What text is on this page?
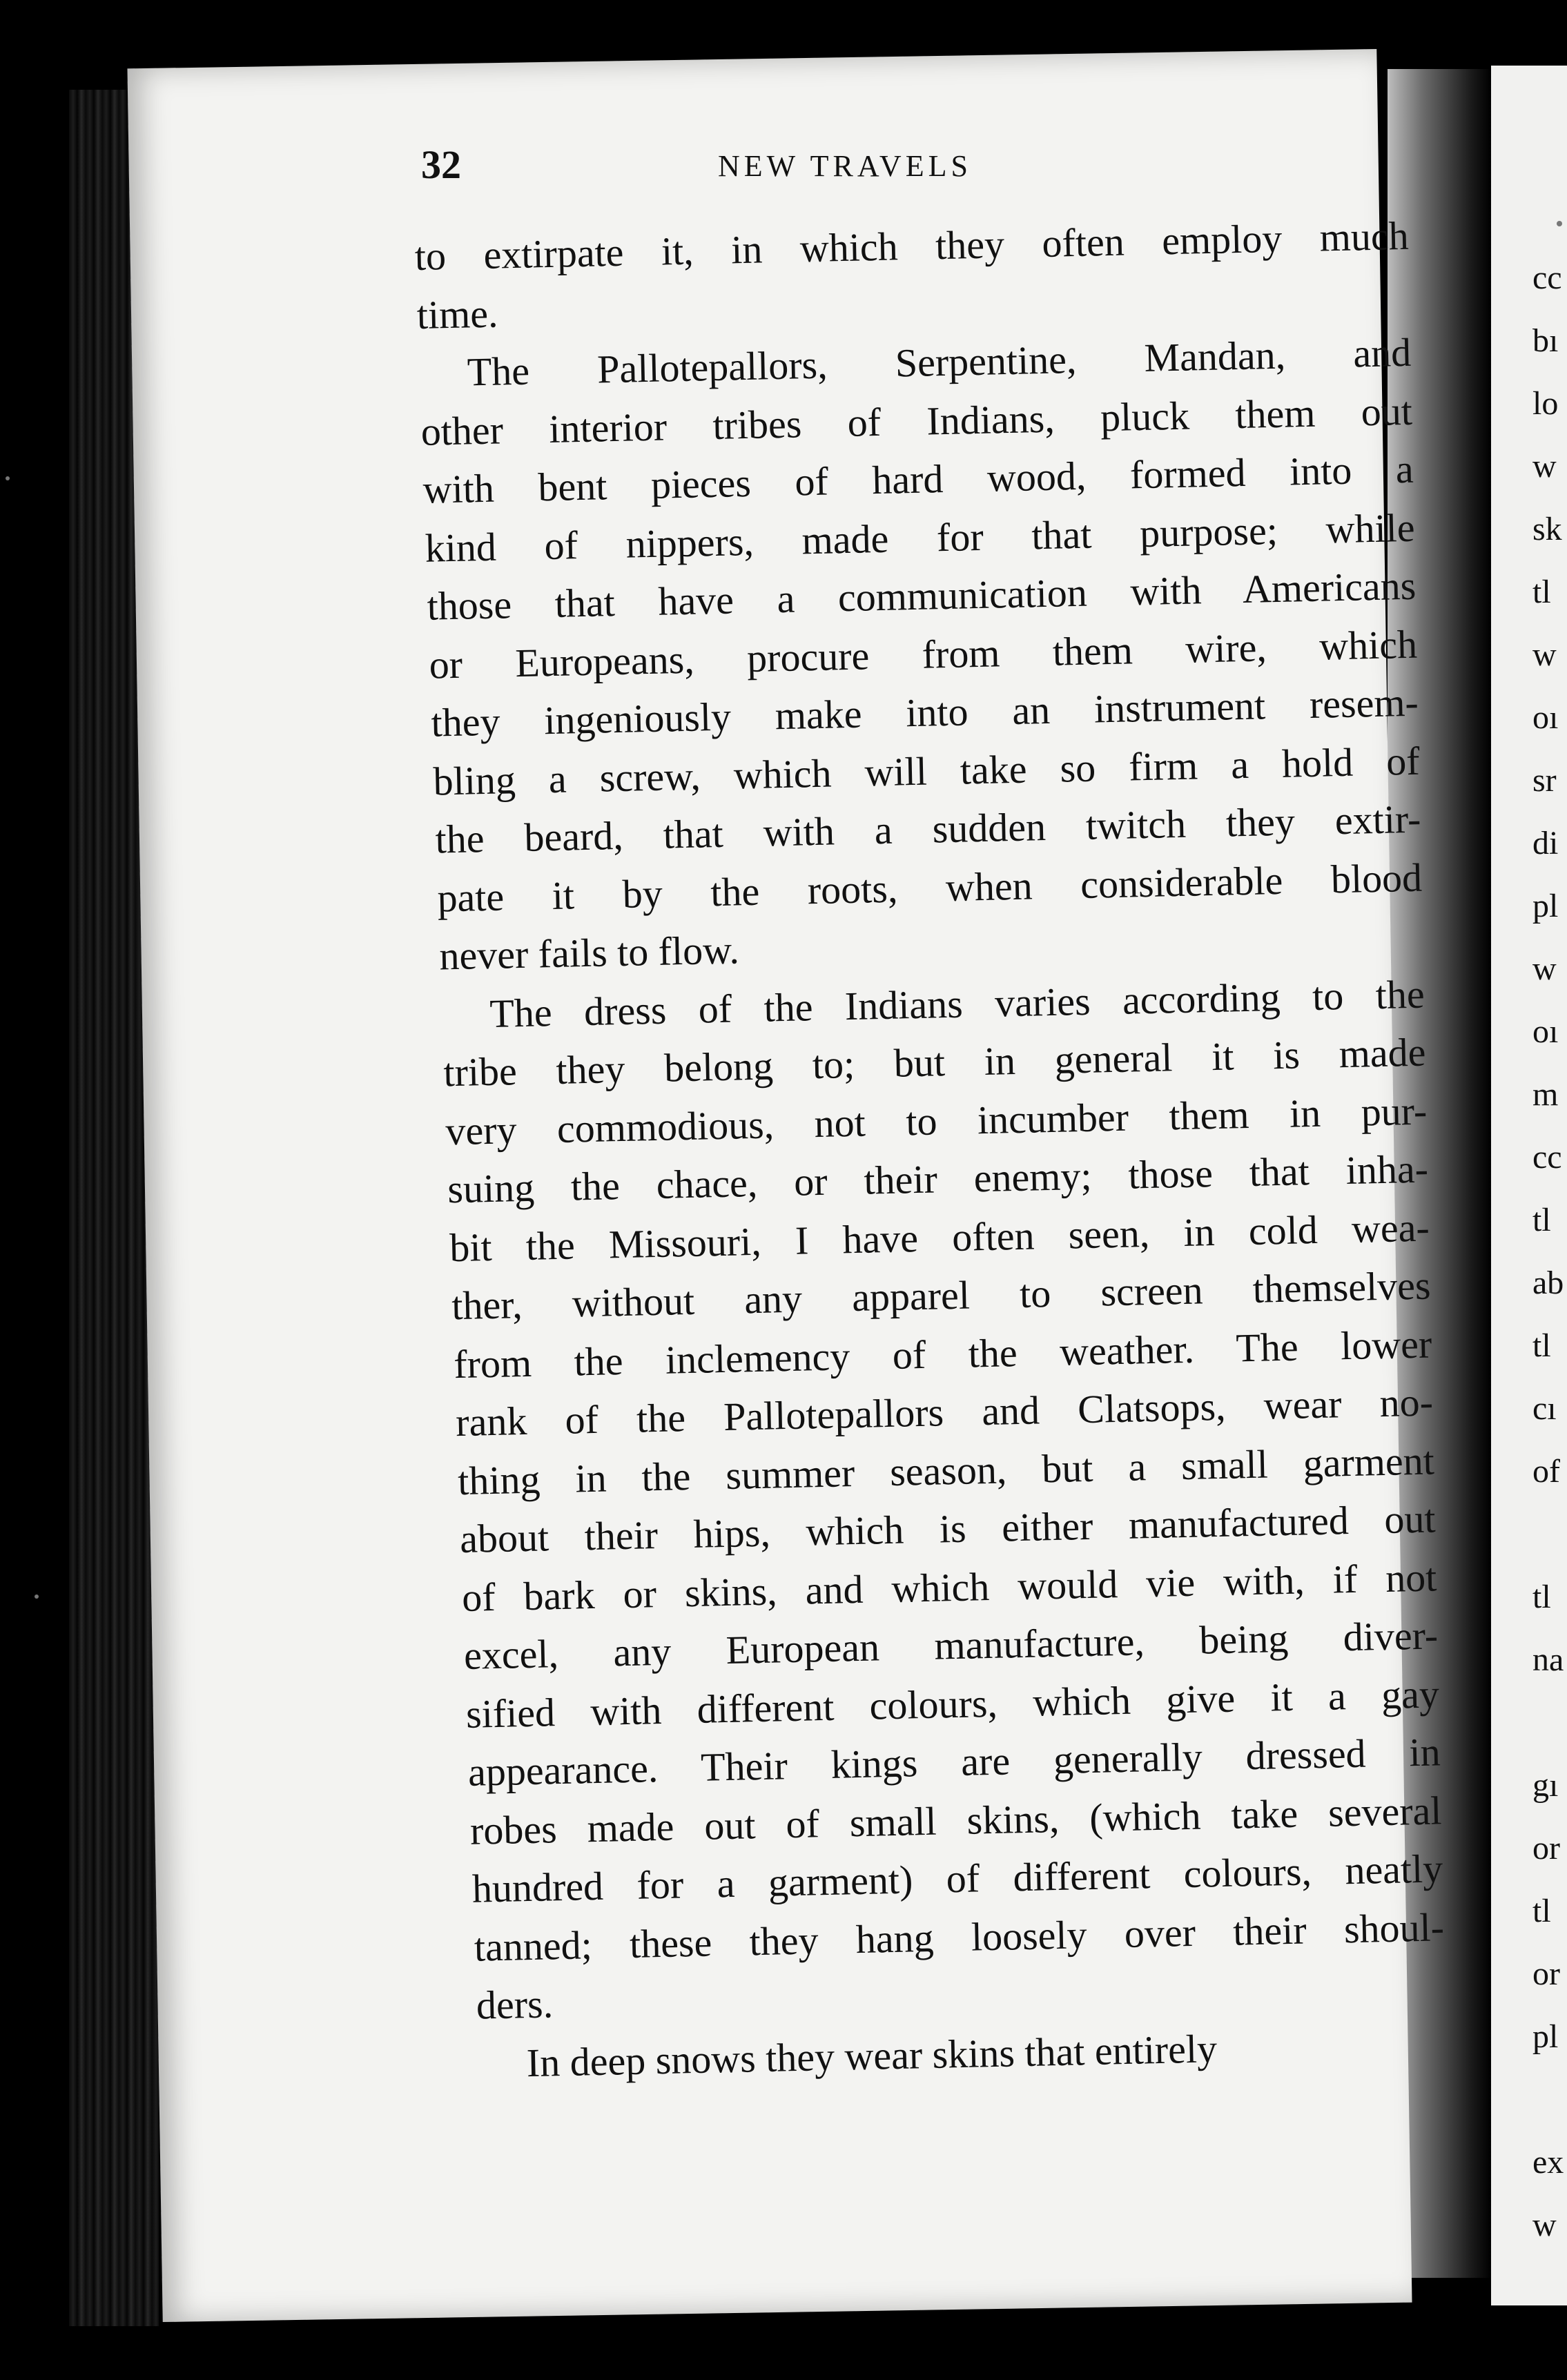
cc
bı
lo
w
sk
tl
w
oı
sr
di
pl
w
oı
m
cc
tl
ab
tl
cı
of
tl
na
gı
or
tl
or
pl
ex
w
32	NEW TRAVELS
to extirpate it, in which they often employ much
time.
The Pallotepallors, Serpentine, Mandan, and
other interior tribes of Indians, pluck them out
with bent pieces of hard wood, formed into a
kind of nippers, made for that purpose; while
those that have a communication with Americans
or Europeans, procure from them wire, which
they ingeniously make into an instrument resem-
bling a screw, which will take so firm a hold of
the beard, that with a sudden twitch they extir-
pate it by the roots, when considerable blood
never fails to flow.
The dress of the Indians varies according to the
tribe they belong to; but in general it is made
very commodious, not to incumber them in pur-
suing the chace, or their enemy; those that inha-
bit the Missouri, I have often seen, in cold wea-
ther, without any apparel to screen themselves
from the inclemency of the weather. The lower
rank of the Pallotepallors and Clatsops, wear no-
thing in the summer season, but a small garment
about their hips, which is either manufactured out
of bark or skins, and which would vie with, if not
excel, any European manufacture, being diver-
sified with different colours, which give it a gay
appearance. Their kings are generally dressed in
robes made out of small skins, (which take several
hundred for a garment) of different colours, neatly
tanned; these they hang loosely over their shoul-
ders.
In deep snows they wear skins that entirely
